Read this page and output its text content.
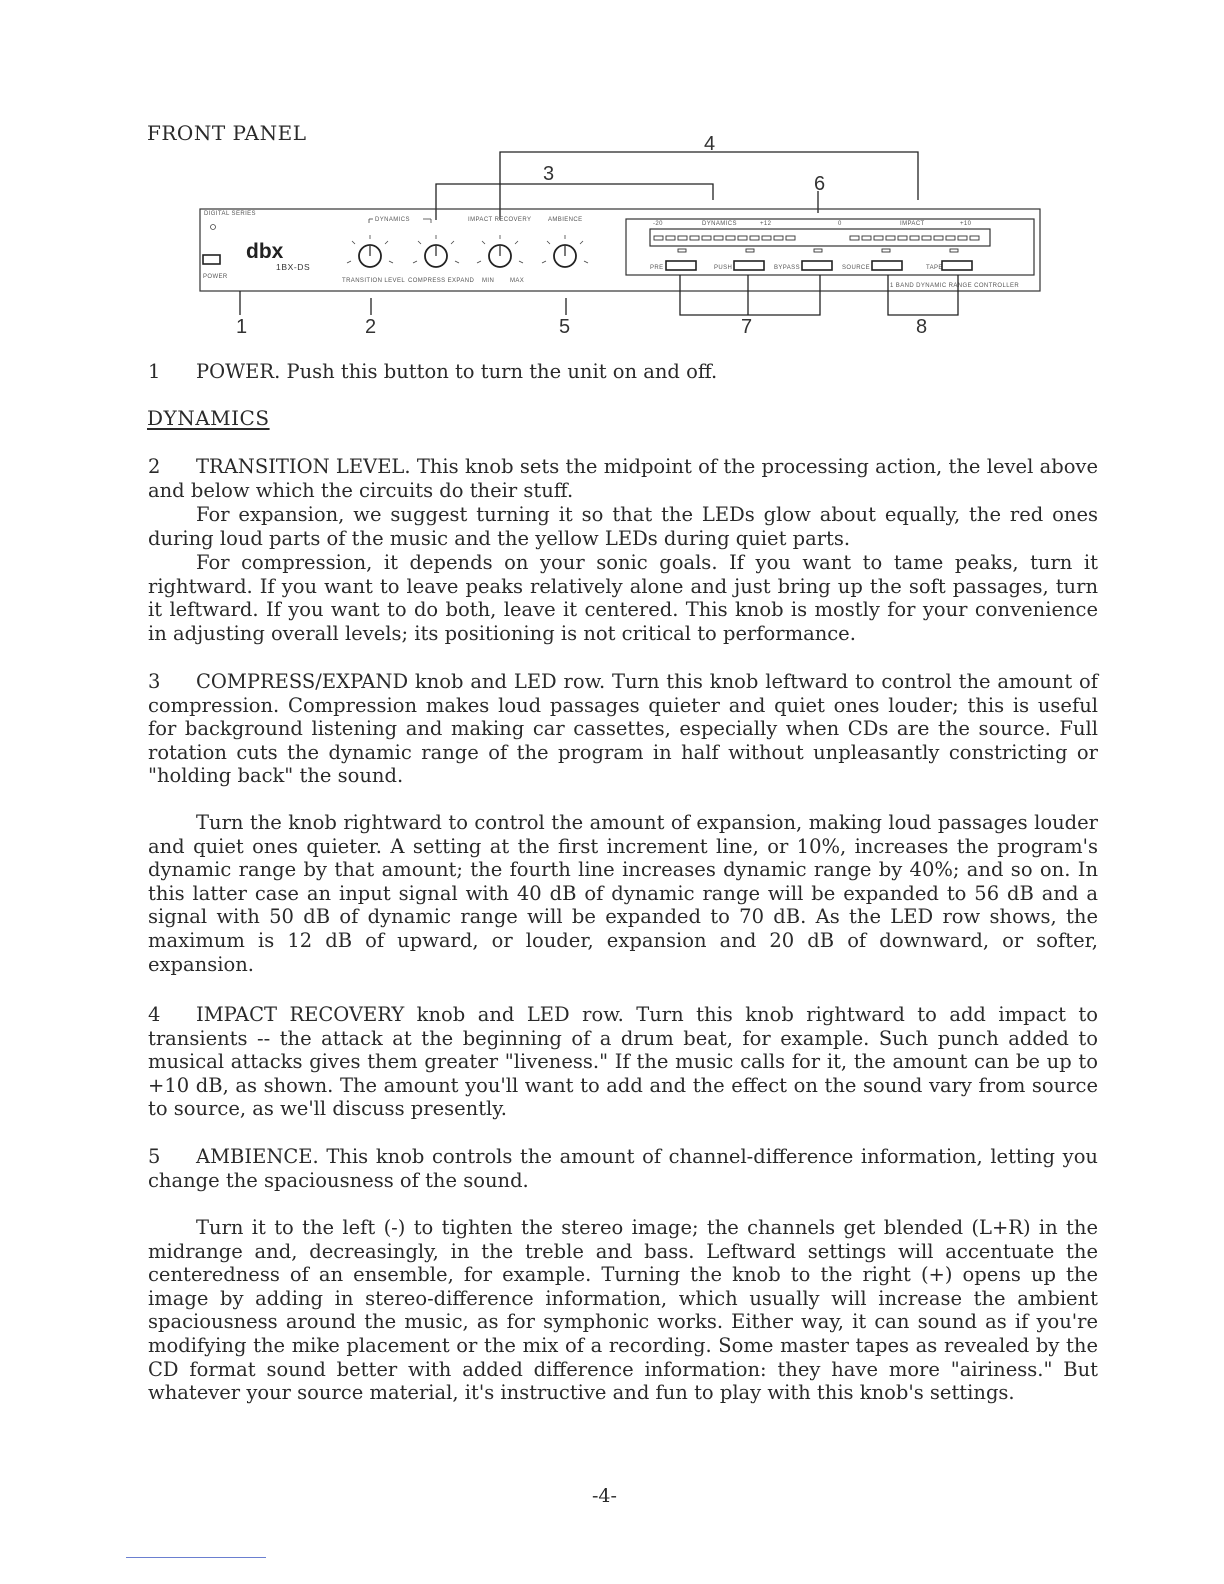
FRONT PANEL
DIGITAL SERIES
POWER
dbx
1BX-DS
DYNAMICS	IMPACT RECOVERY	AMBIENCE
TRANSITION LEVEL COMPRESS EXPAND MIN	MAX
-20	DYNAMICS	+12	0	IMPACT	+10
PRE	PUSH	BYPASS	SOURCE	TAPE
1 BAND DYNAMIC RANGE CONTROLLER
4
3	6
1	2	5	7	8

1 POWER. Push this button to turn the unit on and off.

DYNAMICS

2 TRANSITION LEVEL. This knob sets the midpoint of the processing action, the level above and below which the circuits do their stuff.

For expansion, we suggest turning it so that the LEDs glow about equally, the red ones during loud parts of the music and the yellow LEDs during quiet parts.

For compression, it depends on your sonic goals. If you want to tame peaks, turn it rightward. If you want to leave peaks relatively alone and just bring up the soft passages, turn it leftward. If you want to do both, leave it centered. This knob is mostly for your convenience in adjusting overall levels; its positioning is not critical to performance.

3 COMPRESS/EXPAND knob and LED row. Turn this knob leftward to control the amount of compression. Compression makes loud passages quieter and quiet ones louder; this is useful for background listening and making car cassettes, especially when CDs are the source. Full rotation cuts the dynamic range of the program in half without unpleasantly constricting or "holding back" the sound.

Turn the knob rightward to control the amount of expansion, making loud passages louder and quiet ones quieter. A setting at the first increment line, or 10%, increases the program's dynamic range by that amount; the fourth line increases dynamic range by 40%; and so on. In this latter case an input signal with 40 dB of dynamic range will be expanded to 56 dB and a signal with 50 dB of dynamic range will be expanded to 70 dB. As the LED row shows, the maximum is 12 dB of upward, or louder, expansion and 20 dB of downward, or softer, expansion.

4 IMPACT RECOVERY knob and LED row. Turn this knob rightward to add impact to transients -- the attack at the beginning of a drum beat, for example. Such punch added to musical attacks gives them greater "liveness." If the music calls for it, the amount can be up to +10 dB, as shown. The amount you'll want to add and the effect on the sound vary from source to source, as we'll discuss presently.

5 AMBIENCE. This knob controls the amount of channel-difference information, letting you change the spaciousness of the sound.

Turn it to the left (-) to tighten the stereo image; the channels get blended (L+R) in the midrange and, decreasingly, in the treble and bass. Leftward settings will accentuate the centeredness of an ensemble, for example. Turning the knob to the right (+) opens up the image by adding in stereo-difference information, which usually will increase the ambient spaciousness around the music, as for symphonic works. Either way, it can sound as if you're modifying the mike placement or the mix of a recording. Some master tapes as revealed by the CD format sound better with added difference information: they have more "airiness." But whatever your source material, it's instructive and fun to play with this knob's settings.

-4-
